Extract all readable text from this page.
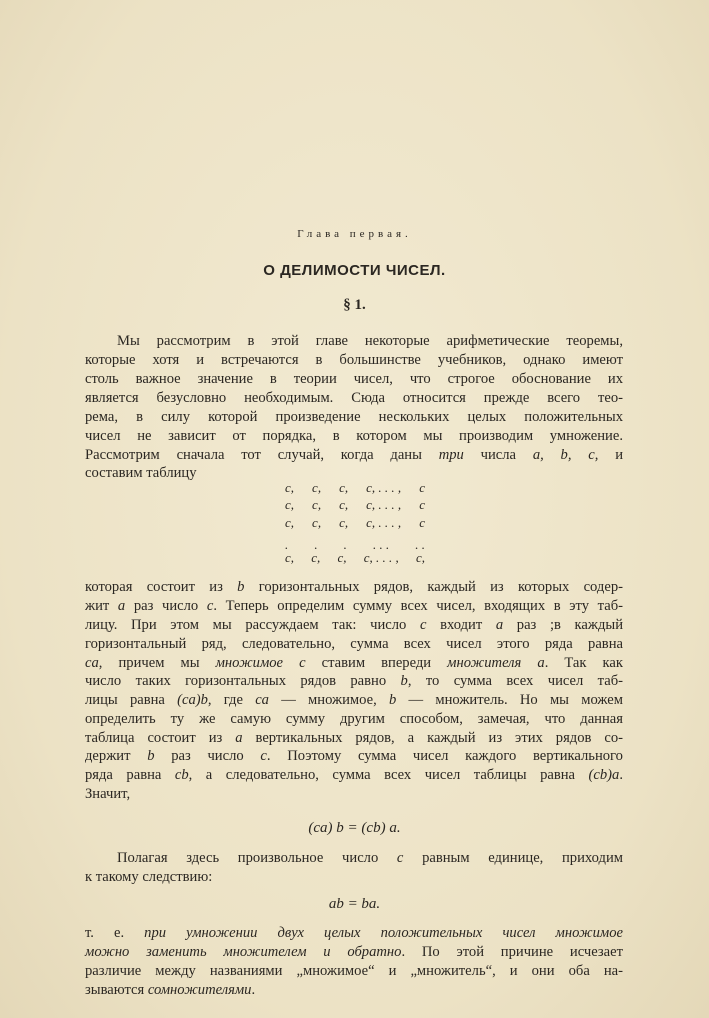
Глава первая.
О ДЕЛИМОСТИ ЧИСЕЛ.
§ 1.
Мы рассмотрим в этой главе некоторые арифметические теоремы,
которые хотя и встречаются в большинстве учебников, однако имеют
столь важное значение в теории чисел, что строгое обоснование их
является безусловно необходимым. Сюда относится прежде всего тео-
рема, в силу которой произведение нескольких целых положительных
чисел не зависит от порядка, в котором мы производим умножение.
Рассмотрим сначала тот случай, когда даны три числа a, b, c, и
составим таблицу
которая состоит из b горизонтальных рядов, каждый из которых содер-
жит a раз число c. Теперь определим сумму всех чисел, входящих в эту таб-
лицу. При этом мы рассуждаем так: число c входит a раз ;в каждый
горизонтальный ряд, следовательно, сумма всех чисел этого ряда равна
ca, причем мы множимое c ставим впереди множителя a. Так как
число таких горизонтальных рядов равно b, то сумма всех чисел таб-
лицы равна (ca)b, где ca — множимое, b — множитель. Но мы можем
определить ту же самую сумму другим способом, замечая, что данная
таблица состоит из a вертикальных рядов, а каждый из этих рядов со-
держит b раз число c. Поэтому сумма чисел каждого вертикального
ряда равна cb, а следовательно, сумма всех чисел таблицы равна (cb)a.
Значит,
Полагая здесь произвольное число c равным единице, приходим
к такому следствию:
т. е. при умножении двух целых положительных чисел множимое
можно заменить множителем и обратно. По этой причине исчезает
различие между названиями „множимое“ и „множитель“, и они оба на-
зываются сомножителями.
c, c, c, c, . . . , c
c, c, c, c, . . . , c
c, c, c, c, . . . , c
. . . . . . . .
c, c, c, c, . . . , c,
(ca) b = (cb) a.
ab = ba.
